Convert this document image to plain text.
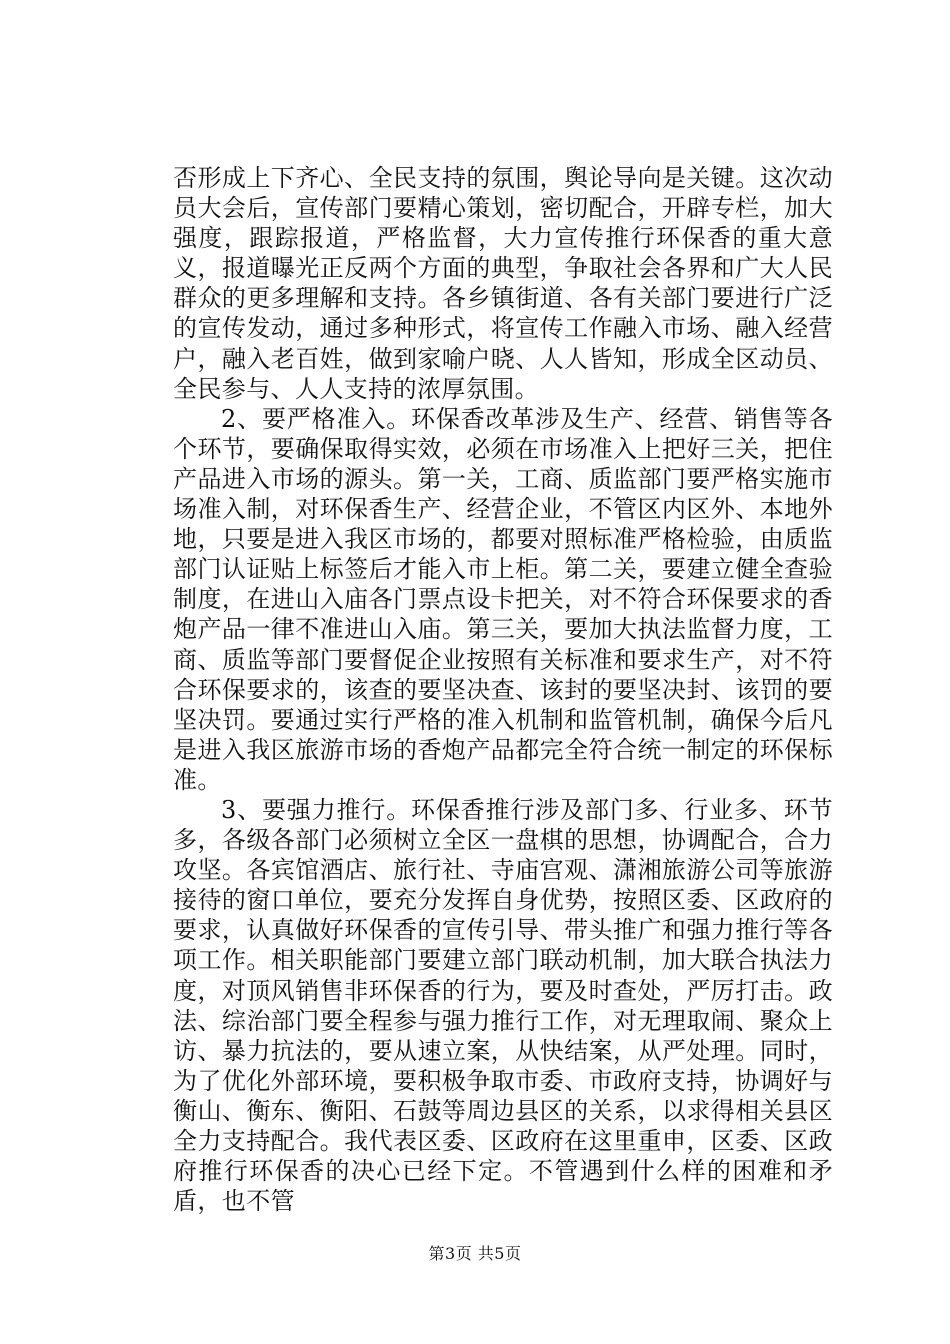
否形成上下齐心、全民支持的氛围，舆论导向是关键。这次动员大会后，宣传部门要精心策划，密切配合，开辟专栏，加大强度，跟踪报道，严格监督，大力宣传推行环保香的重大意义，报道曝光正反两个方面的典型，争取社会各界和广大人民群众的更多理解和支持。各乡镇街道、各有关部门要进行广泛的宣传发动，通过多种形式，将宣传工作融入市场、融入经营户，融入老百姓，做到家喻户晓、人人皆知，形成全区动员、全民参与、人人支持的浓厚氛围。

2、要严格准入。环保香改革涉及生产、经营、销售等各个环节，要确保取得实效，必须在市场准入上把好三关，把住产品进入市场的源头。第一关，工商、质监部门要严格实施市场准入制，对环保香生产、经营企业，不管区内区外、本地外地，只要是进入我区市场的，都要对照标准严格检验，由质监部门认证贴上标签后才能入市上柜。第二关，要建立健全查验制度，在进山入庙各门票点设卡把关，对不符合环保要求的香炮产品一律不准进山入庙。第三关，要加大执法监督力度，工商、质监等部门要督促企业按照有关标准和要求生产，对不符合环保要求的，该查的要坚决查、该封的要坚决封、该罚的要坚决罚。要通过实行严格的准入机制和监管机制，确保今后凡是进入我区旅游市场的香炮产品都完全符合统一制定的环保标准。

3、要强力推行。环保香推行涉及部门多、行业多、环节多，各级各部门必须树立全区一盘棋的思想，协调配合，合力攻坚。各宾馆酒店、旅行社、寺庙宫观、潇湘旅游公司等旅游接待的窗口单位，要充分发挥自身优势，按照区委、区政府的要求，认真做好环保香的宣传引导、带头推广和强力推行等各项工作。相关职能部门要建立部门联动机制，加大联合执法力度，对顶风销售非环保香的行为，要及时查处，严厉打击。政法、综治部门要全程参与强力推行工作，对无理取闹、聚众上访、暴力抗法的，要从速立案，从快结案，从严处理。同时，为了优化外部环境，要积极争取市委、市政府支持，协调好与衡山、衡东、衡阳、石鼓等周边县区的关系，以求得相关县区全力支持配合。我代表区委、区政府在这里重申，区委、区政府推行环保香的决心已经下定。不管遇到什么样的困难和矛盾，也不管

第3页 共5页
